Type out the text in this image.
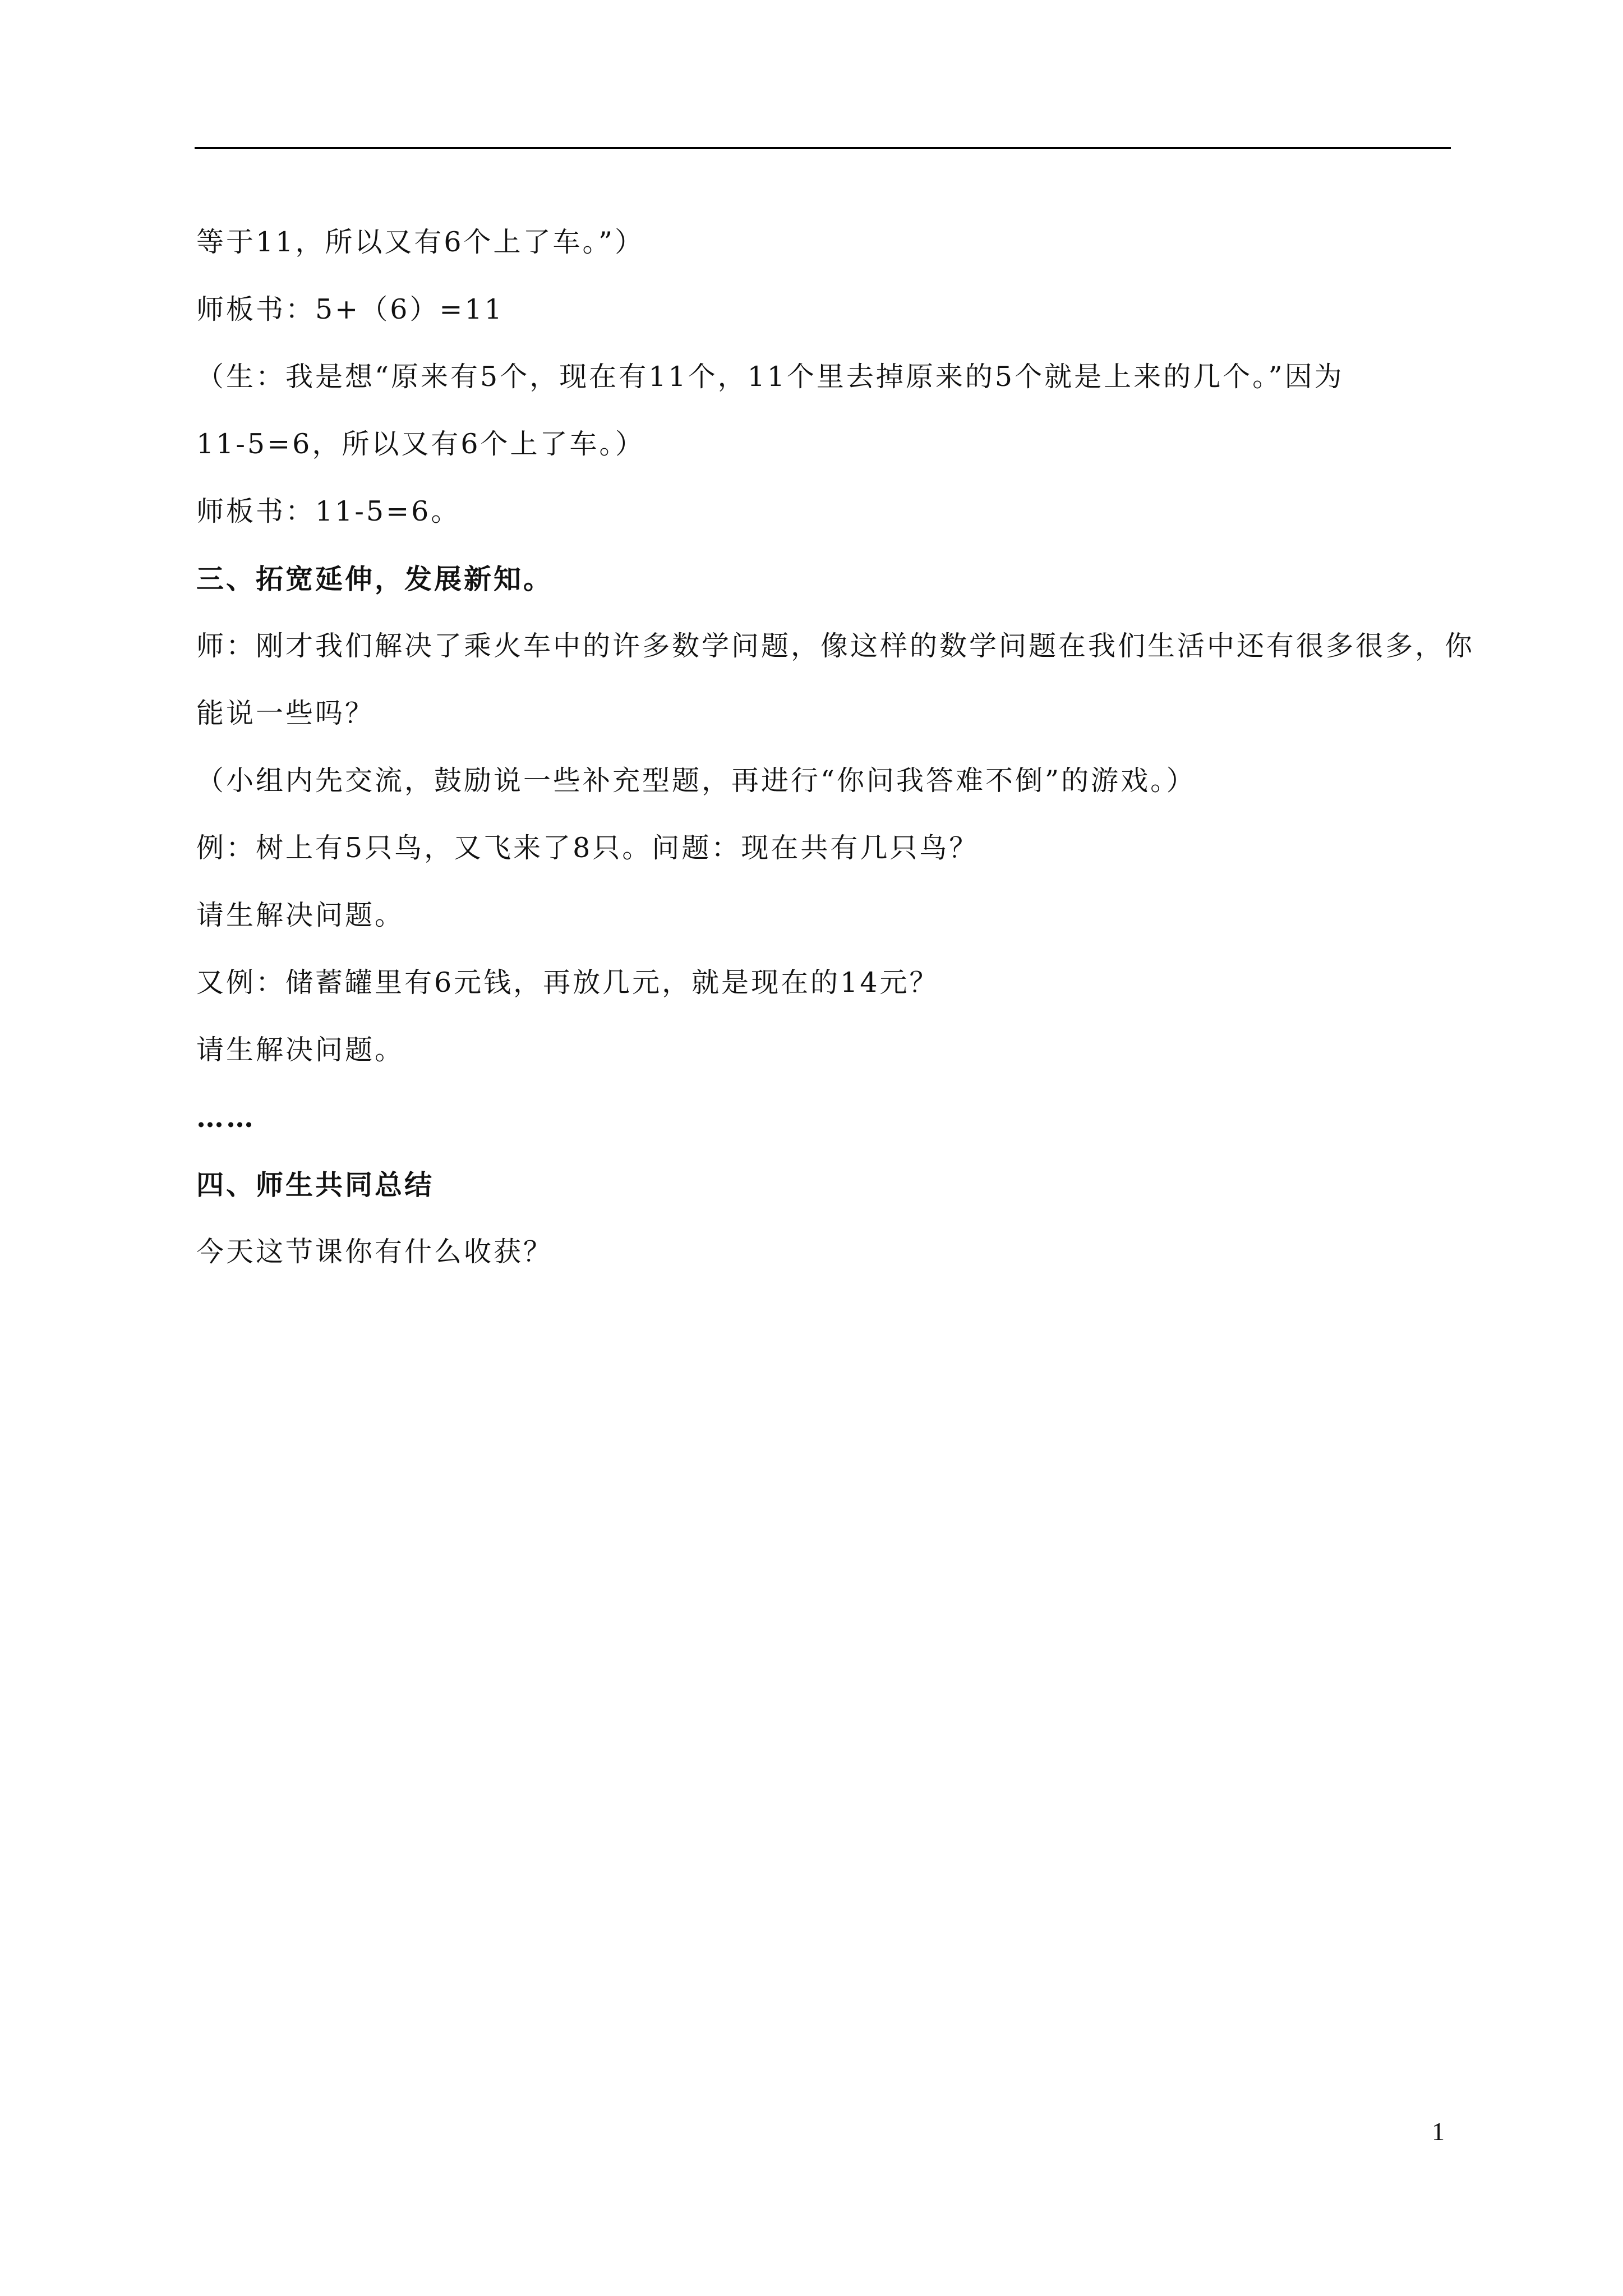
等于11，所以又有6个上了车。”）

师板书：5+（6）=11

（生：我是想“原来有5个，现在有11个，11个里去掉原来的5个就是上来的几个。”因为

11-5=6，所以又有6个上了车。）

师板书：11-5=6。

三、拓宽延伸，发展新知。

师：刚才我们解决了乘火车中的许多数学问题，像这样的数学问题在我们生活中还有很多很多，你

能说一些吗？

（小组内先交流，鼓励说一些补充型题，再进行“你问我答难不倒”的游戏。）

例：树上有5只鸟，又飞来了8只。问题：现在共有几只鸟？

请生解决问题。

又例：储蓄罐里有6元钱，再放几元，就是现在的14元？

请生解决问题。

……

四、师生共同总结

今天这节课你有什么收获？

1
